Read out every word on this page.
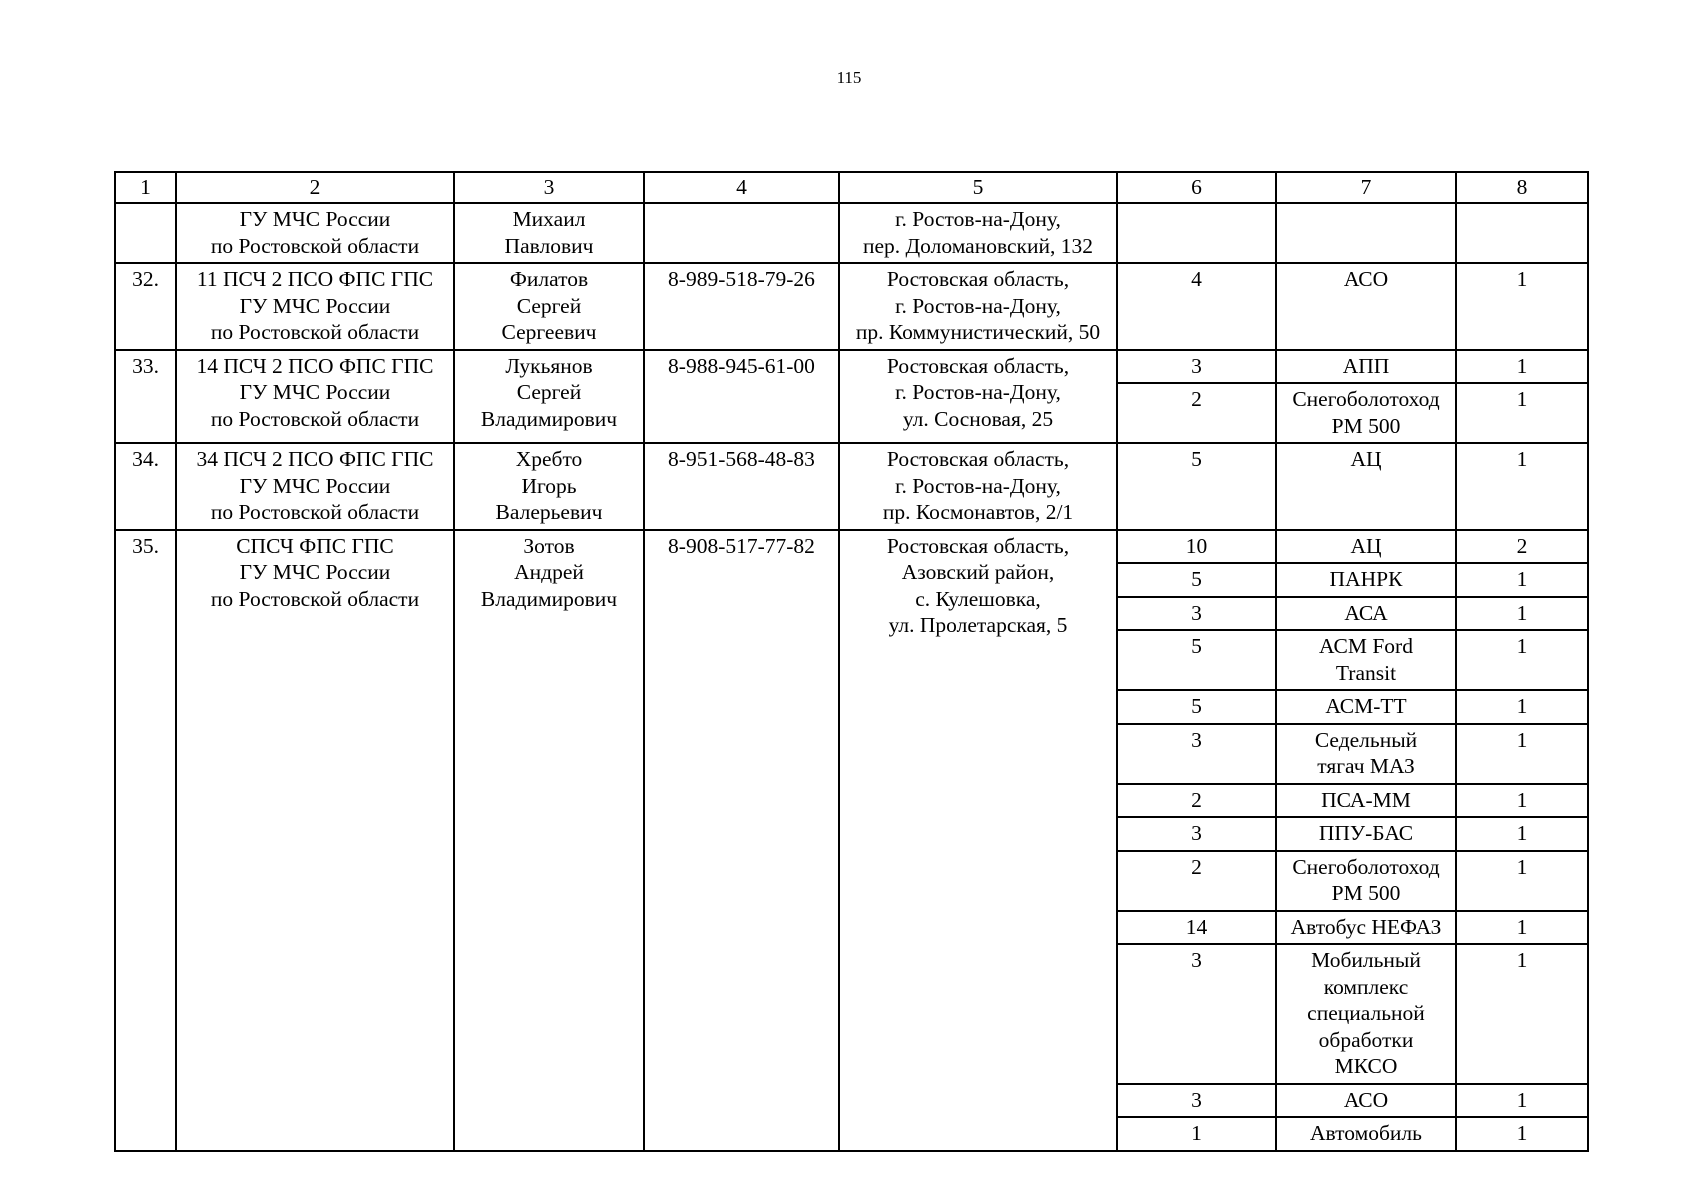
115
1	2	3	4	5	6	7	8
	ГУ МЧС России
по Ростовской области	Михаил
Павлович		г. Ростов-на-Дону,
пер. Доломановский, 132			
32.	11 ПСЧ 2 ПСО ФПС ГПС
ГУ МЧС России
по Ростовской области	Филатов
Сергей
Сергеевич	8-989-518-79-26	Ростовская область,
г. Ростов-на-Дону,
пр. Коммунистический, 50	4	АСО	1
33.	14 ПСЧ 2 ПСО ФПС ГПС
ГУ МЧС России
по Ростовской области	Лукьянов
Сергей
Владимирович	8-988-945-61-00	Ростовская область,
г. Ростов-на-Дону,
ул. Сосновая, 25	3	АПП	1
					2	Снегоболотоход
РМ 500	1
34.	34 ПСЧ 2 ПСО ФПС ГПС
ГУ МЧС России
по Ростовской области	Хребто
Игорь
Валерьевич	8-951-568-48-83	Ростовская область,
г. Ростов-на-Дону,
пр. Космонавтов, 2/1	5	АЦ	1
35.	СПСЧ ФПС ГПС
ГУ МЧС России
по Ростовской области	Зотов
Андрей
Владимирович	8-908-517-77-82	Ростовская область,
Азовский район,
с. Кулешовка,
ул. Пролетарская, 5	10	АЦ	2
					5	ПАНРК	1
					3	АСА	1
					5	АСМ Ford
Transit	1
					5	АСМ-ТТ	1
					3	Седельный
тягач МАЗ	1
					2	ПСА-ММ	1
					3	ППУ-БАС	1
					2	Снегоболотоход
РМ 500	1
					14	Автобус НЕФАЗ	1
					3	Мобильный
комплекс
специальной
обработки
МКСО	1
					3	АСО	1
					1	Автомобиль	1
